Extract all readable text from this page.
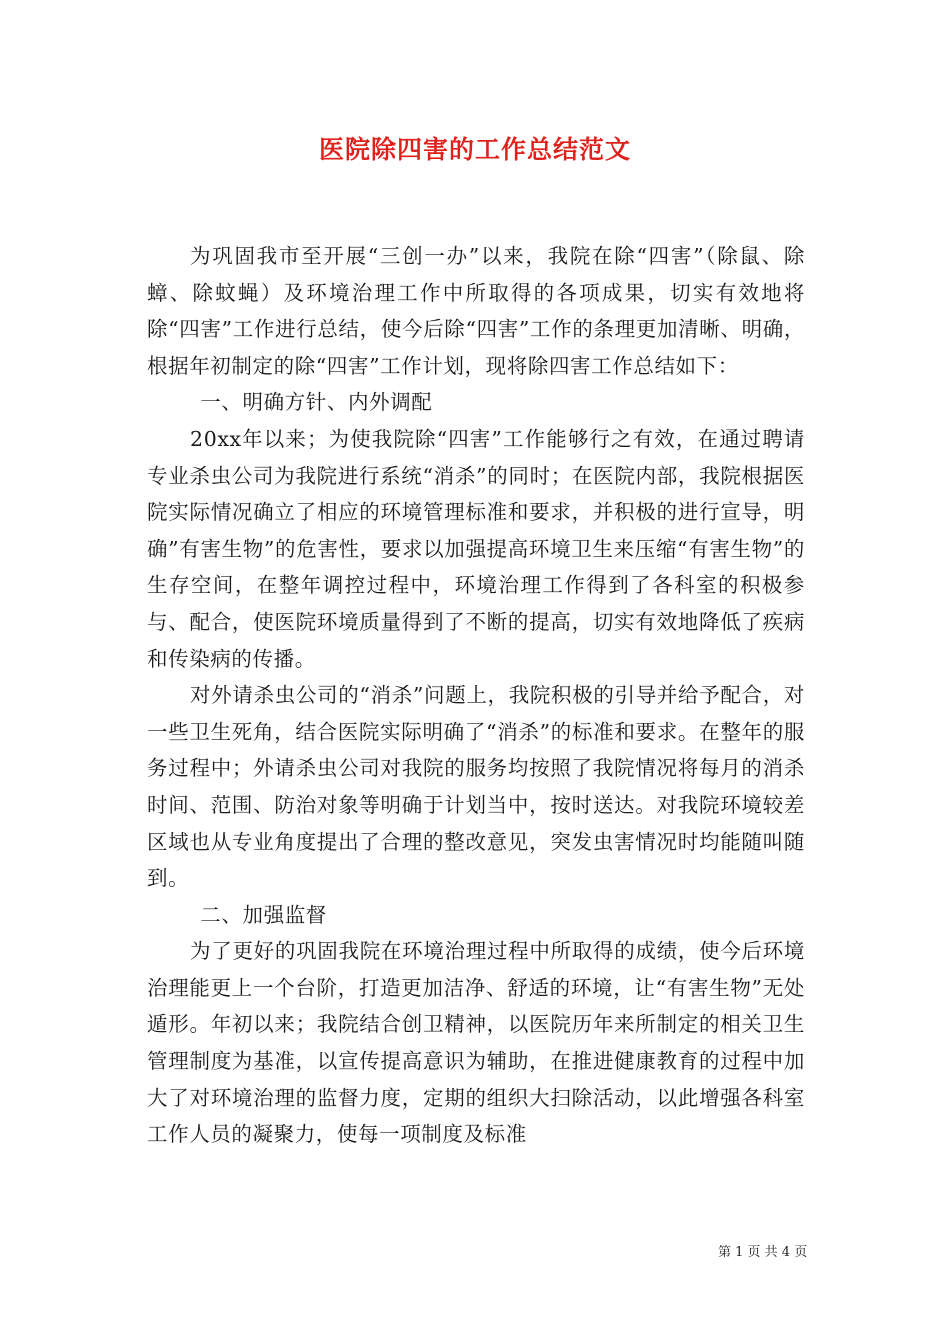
医院除四害的工作总结范文

为巩固我市至开展“三创一办”以来，我院在除“四害”（除鼠、除蟑、除蚊蝇）及环境治理工作中所取得的各项成果，切实有效地将除“四害”工作进行总结，使今后除“四害”工作的条理更加清晰、明确，根据年初制定的除“四害”工作计划，现将除四害工作总结如下：

一、明确方针、内外调配

20xx年以来；为使我院除“四害”工作能够行之有效，在通过聘请专业杀虫公司为我院进行系统“消杀”的同时；在医院内部，我院根据医院实际情况确立了相应的环境管理标准和要求，并积极的进行宣导，明确”有害生物”的危害性，要求以加强提高环境卫生来压缩“有害生物”的生存空间，在整年调控过程中，环境治理工作得到了各科室的积极参与、配合，使医院环境质量得到了不断的提高，切实有效地降低了疾病和传染病的传播。

对外请杀虫公司的“消杀”问题上，我院积极的引导并给予配合，对一些卫生死角，结合医院实际明确了“消杀”的标准和要求。在整年的服务过程中；外请杀虫公司对我院的服务均按照了我院情况将每月的消杀时间、范围、防治对象等明确于计划当中，按时送达。对我院环境较差区域也从专业角度提出了合理的整改意见，突发虫害情况时均能随叫随到。

二、加强监督

为了更好的巩固我院在环境治理过程中所取得的成绩，使今后环境治理能更上一个台阶，打造更加洁净、舒适的环境，让“有害生物”无处遁形。年初以来；我院结合创卫精神，以医院历年来所制定的相关卫生管理制度为基准，以宣传提高意识为辅助，在推进健康教育的过程中加大了对环境治理的监督力度，定期的组织大扫除活动，以此增强各科室工作人员的凝聚力，使每一项制度及标准

第 1 页 共 4 页
